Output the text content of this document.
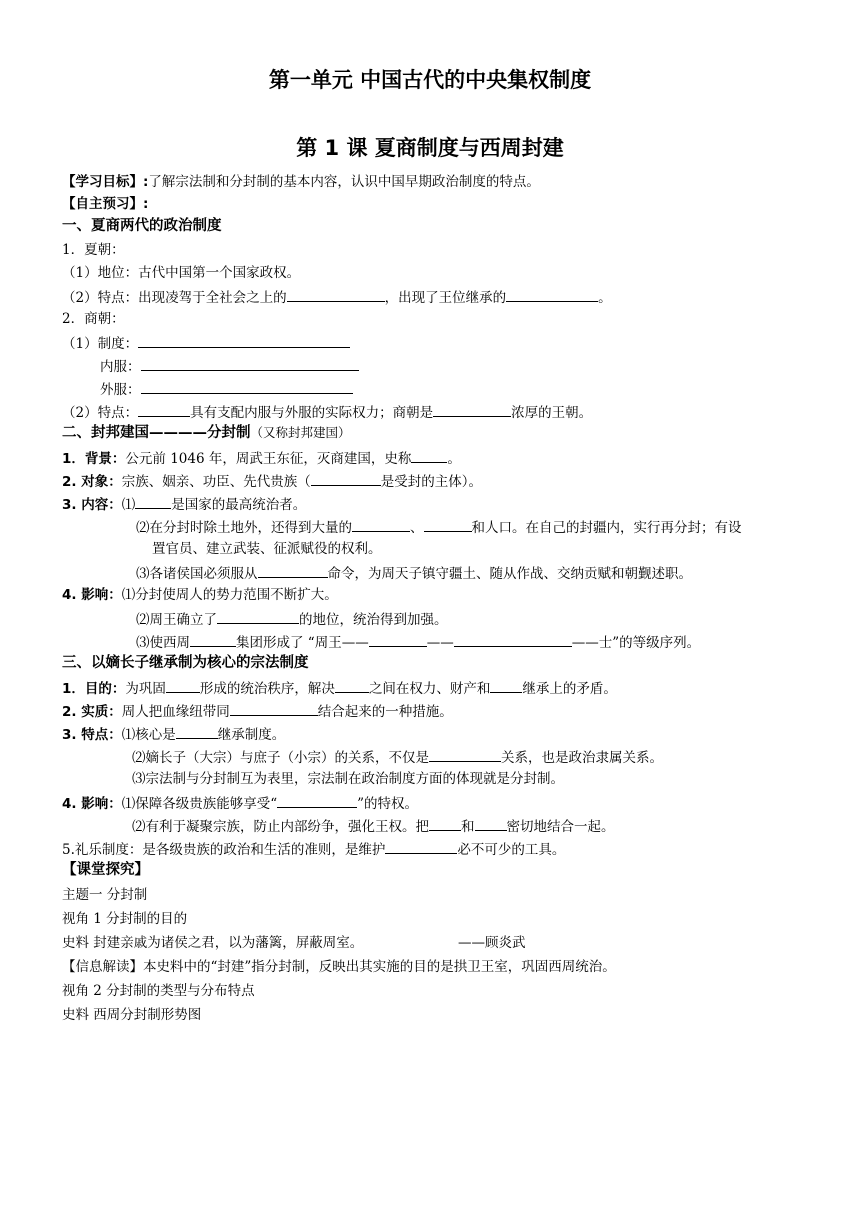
第一单元 中国古代的中央集权制度
第 1 课 夏商制度与西周封建
【学习目标】:了解宗法制和分封制的基本内容，认识中国早期政治制度的特点。
【自主预习】:
一、夏商两代的政治制度
1．夏朝：
（1）地位：古代中国第一个国家政权。
（2）特点：出现凌驾于全社会之上的	，出现了王位继承的	。
2．商朝：
（1）制度：
内服：
外服：
（2）特点：	具有支配内服与外服的实际权力；商朝是	浓厚的王朝。
二、封邦建国————分封制（又称封邦建国）
1．背景：公元前 1046 年，周武王东征，灭商建国，史称	。
2. 对象：宗族、姻亲、功臣、先代贵族（	是受封的主体）。
3. 内容：⑴	是国家的最高统治者。
⑵在分封时除土地外，还得到大量的	、	和人口。在自己的封疆内，实行再分封；有设
置官员、建立武装、征派赋役的权利。
⑶各诸侯国必须服从	命令，为周天子镇守疆土、随从作战、交纳贡赋和朝觐述职。
4. 影响：⑴分封使周人的势力范围不断扩大。
⑵周王确立了	的地位，统治得到加强。
⑶使西周	集团形成了 “周王——	——	——士”的等级序列。
三、以嫡长子继承制为核心的宗法制度
1．目的：为巩固	形成的统治秩序，解决	之间在权力、财产和 继承上的矛盾。
2. 实质：周人把血缘纽带同	结合起来的一种措施。
3. 特点：⑴核心是	继承制度。
⑵嫡长子（大宗）与庶子（小宗）的关系，不仅是	关系，也是政治隶属关系。
⑶宗法制与分封制互为表里，宗法制在政治制度方面的体现就是分封制。
4. 影响：⑴保障各级贵族能够享受“	”的特权。
⑵有利于凝聚宗族，防止内部纷争，强化王权。把 和 密切地结合一起。
5.礼乐制度：是各级贵族的政治和生活的准则，是维护	必不可少的工具。
【课堂探究】
主题一 分封制
视角 1 分封制的目的
史料 封建亲戚为诸侯之君，以为藩篱，屏蔽周室。	——顾炎武
【信息解读】本史料中的“封建”指分封制，反映出其实施的目的是拱卫王室，巩固西周统治。
视角 2 分封制的类型与分布特点
史料 西周分封制形势图
